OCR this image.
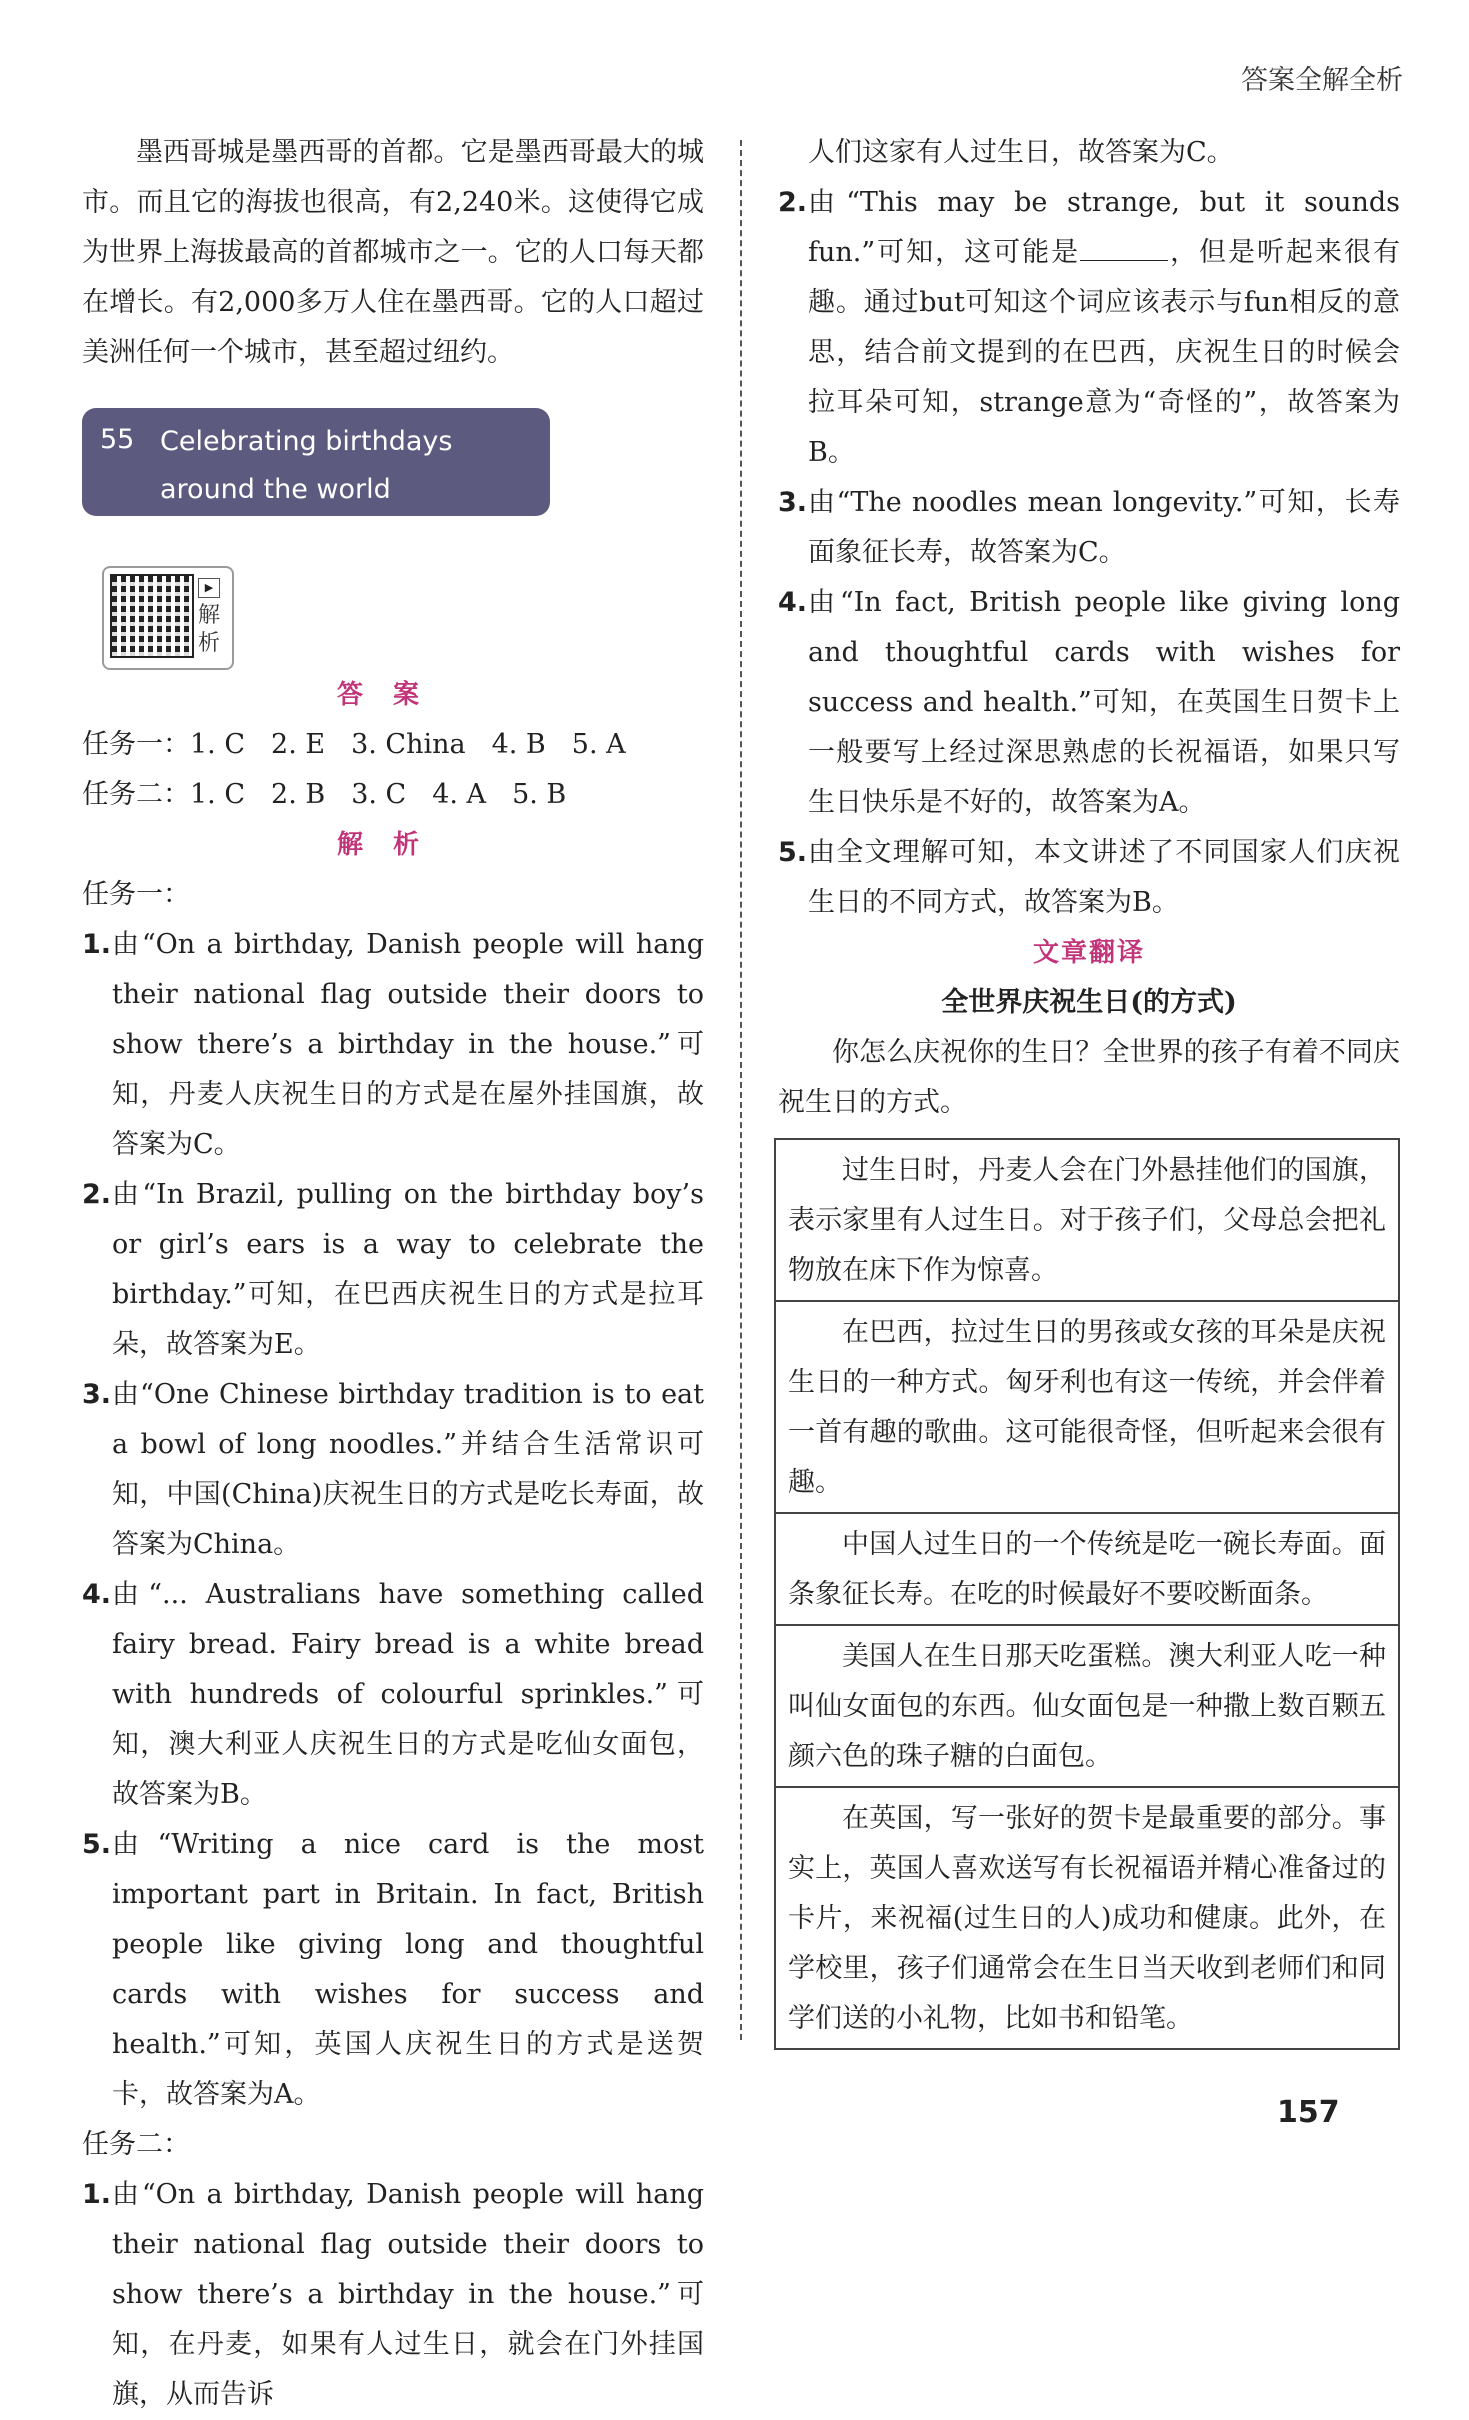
答案全解全析

墨西哥城是墨西哥的首都。它是墨西哥最大的城市。而且它的海拔也很高，有2,240米。这使得它成为世界上海拔最高的首都城市之一。它的人口每天都在增长。有2,000多万人住在墨西哥。它的人口超过美洲任何一个城市，甚至超过纽约。

55 Celebrating birthdays around the world

▶
解析
答案
任务一：1. C 2. E 3. China 4. B 5. A
任务二：1. C 2. B 3. C 4. A 5. B
解析
任务一：
1. 由“On a birthday, Danish people will hang their national flag outside their doors to show there’s a birthday in the house.”可知，丹麦人庆祝生日的方式是在屋外挂国旗，故答案为C。
2. 由“In Brazil, pulling on the birthday boy’s or girl’s ears is a way to celebrate the birthday.”可知，在巴西庆祝生日的方式是拉耳朵，故答案为E。
3. 由“One Chinese birthday tradition is to eat a bowl of long noodles.”并结合生活常识可知，中国(China)庆祝生日的方式是吃长寿面，故答案为China。
4. 由“... Australians have something called fairy bread. Fairy bread is a white bread with hundreds of colourful sprinkles.”可知，澳大利亚人庆祝生日的方式是吃仙女面包，故答案为B。
5. 由“Writing a nice card is the most important part in Britain. In fact, British people like giving long and thoughtful cards with wishes for success and health.”可知，英国人庆祝生日的方式是送贺卡，故答案为A。
任务二：
1. 由“On a birthday, Danish people will hang their national flag outside their doors to show there’s a birthday in the house.”可知，在丹麦，如果有人过生日，就会在门外挂国旗，从而告诉

人们这家有人过生日，故答案为C。

2. 由“This may be strange, but it sounds fun.”可知，这可能是	，但是听起来很有趣。通过but可知这个词应该表示与fun相反的意思，结合前文提到的在巴西，庆祝生日的时候会拉耳朵可知，strange意为“奇怪的”，故答案为B。
3. 由“The noodles mean longevity.”可知，长寿面象征长寿，故答案为C。
4. 由“In fact, British people like giving long and thoughtful cards with wishes for success and health.”可知，在英国生日贺卡上一般要写上经过深思熟虑的长祝福语，如果只写生日快乐是不好的，故答案为A。
5. 由全文理解可知，本文讲述了不同国家人们庆祝生日的不同方式，故答案为B。
文章翻译
全世界庆祝生日(的方式)

你怎么庆祝你的生日？全世界的孩子有着不同庆祝生日的方式。

过生日时，丹麦人会在门外悬挂他们的国旗，表示家里有人过生日。对于孩子们，父母总会把礼物放在床下作为惊喜。
在巴西，拉过生日的男孩或女孩的耳朵是庆祝生日的一种方式。匈牙利也有这一传统，并会伴着一首有趣的歌曲。这可能很奇怪，但听起来会很有趣。
中国人过生日的一个传统是吃一碗长寿面。面条象征长寿。在吃的时候最好不要咬断面条。
美国人在生日那天吃蛋糕。澳大利亚人吃一种叫仙女面包的东西。仙女面包是一种撒上数百颗五颜六色的珠子糖的白面包。
在英国，写一张好的贺卡是最重要的部分。事实上，英国人喜欢送写有长祝福语并精心准备过的卡片，来祝福(过生日的人)成功和健康。此外，在学校里，孩子们通常会在生日当天收到老师们和同学们送的小礼物，比如书和铅笔。
157
